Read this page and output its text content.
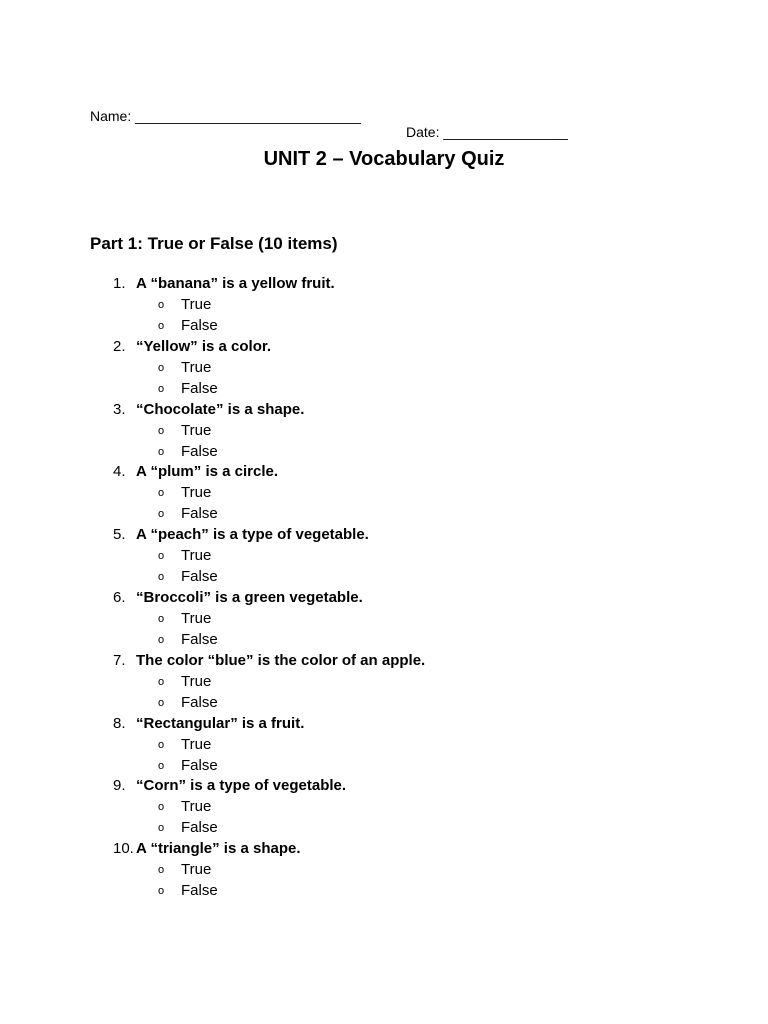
Name: _____________________________

Date: ________________

UNIT 2 – Vocabulary Quiz
Part 1: True or False (10 items)
1. A “banana” is a yellow fruit.
o True
o False
2. “Yellow” is a color.
o True
o False
3. “Chocolate” is a shape.
o True
o False
4. A “plum” is a circle.
o True
o False
5. A “peach” is a type of vegetable.
o True
o False
6. “Broccoli” is a green vegetable.
o True
o False
7. The color “blue” is the color of an apple.
o True
o False
8. “Rectangular” is a fruit.
o True
o False
9. “Corn” is a type of vegetable.
o True
o False
10. A “triangle” is a shape.
o True
o False
